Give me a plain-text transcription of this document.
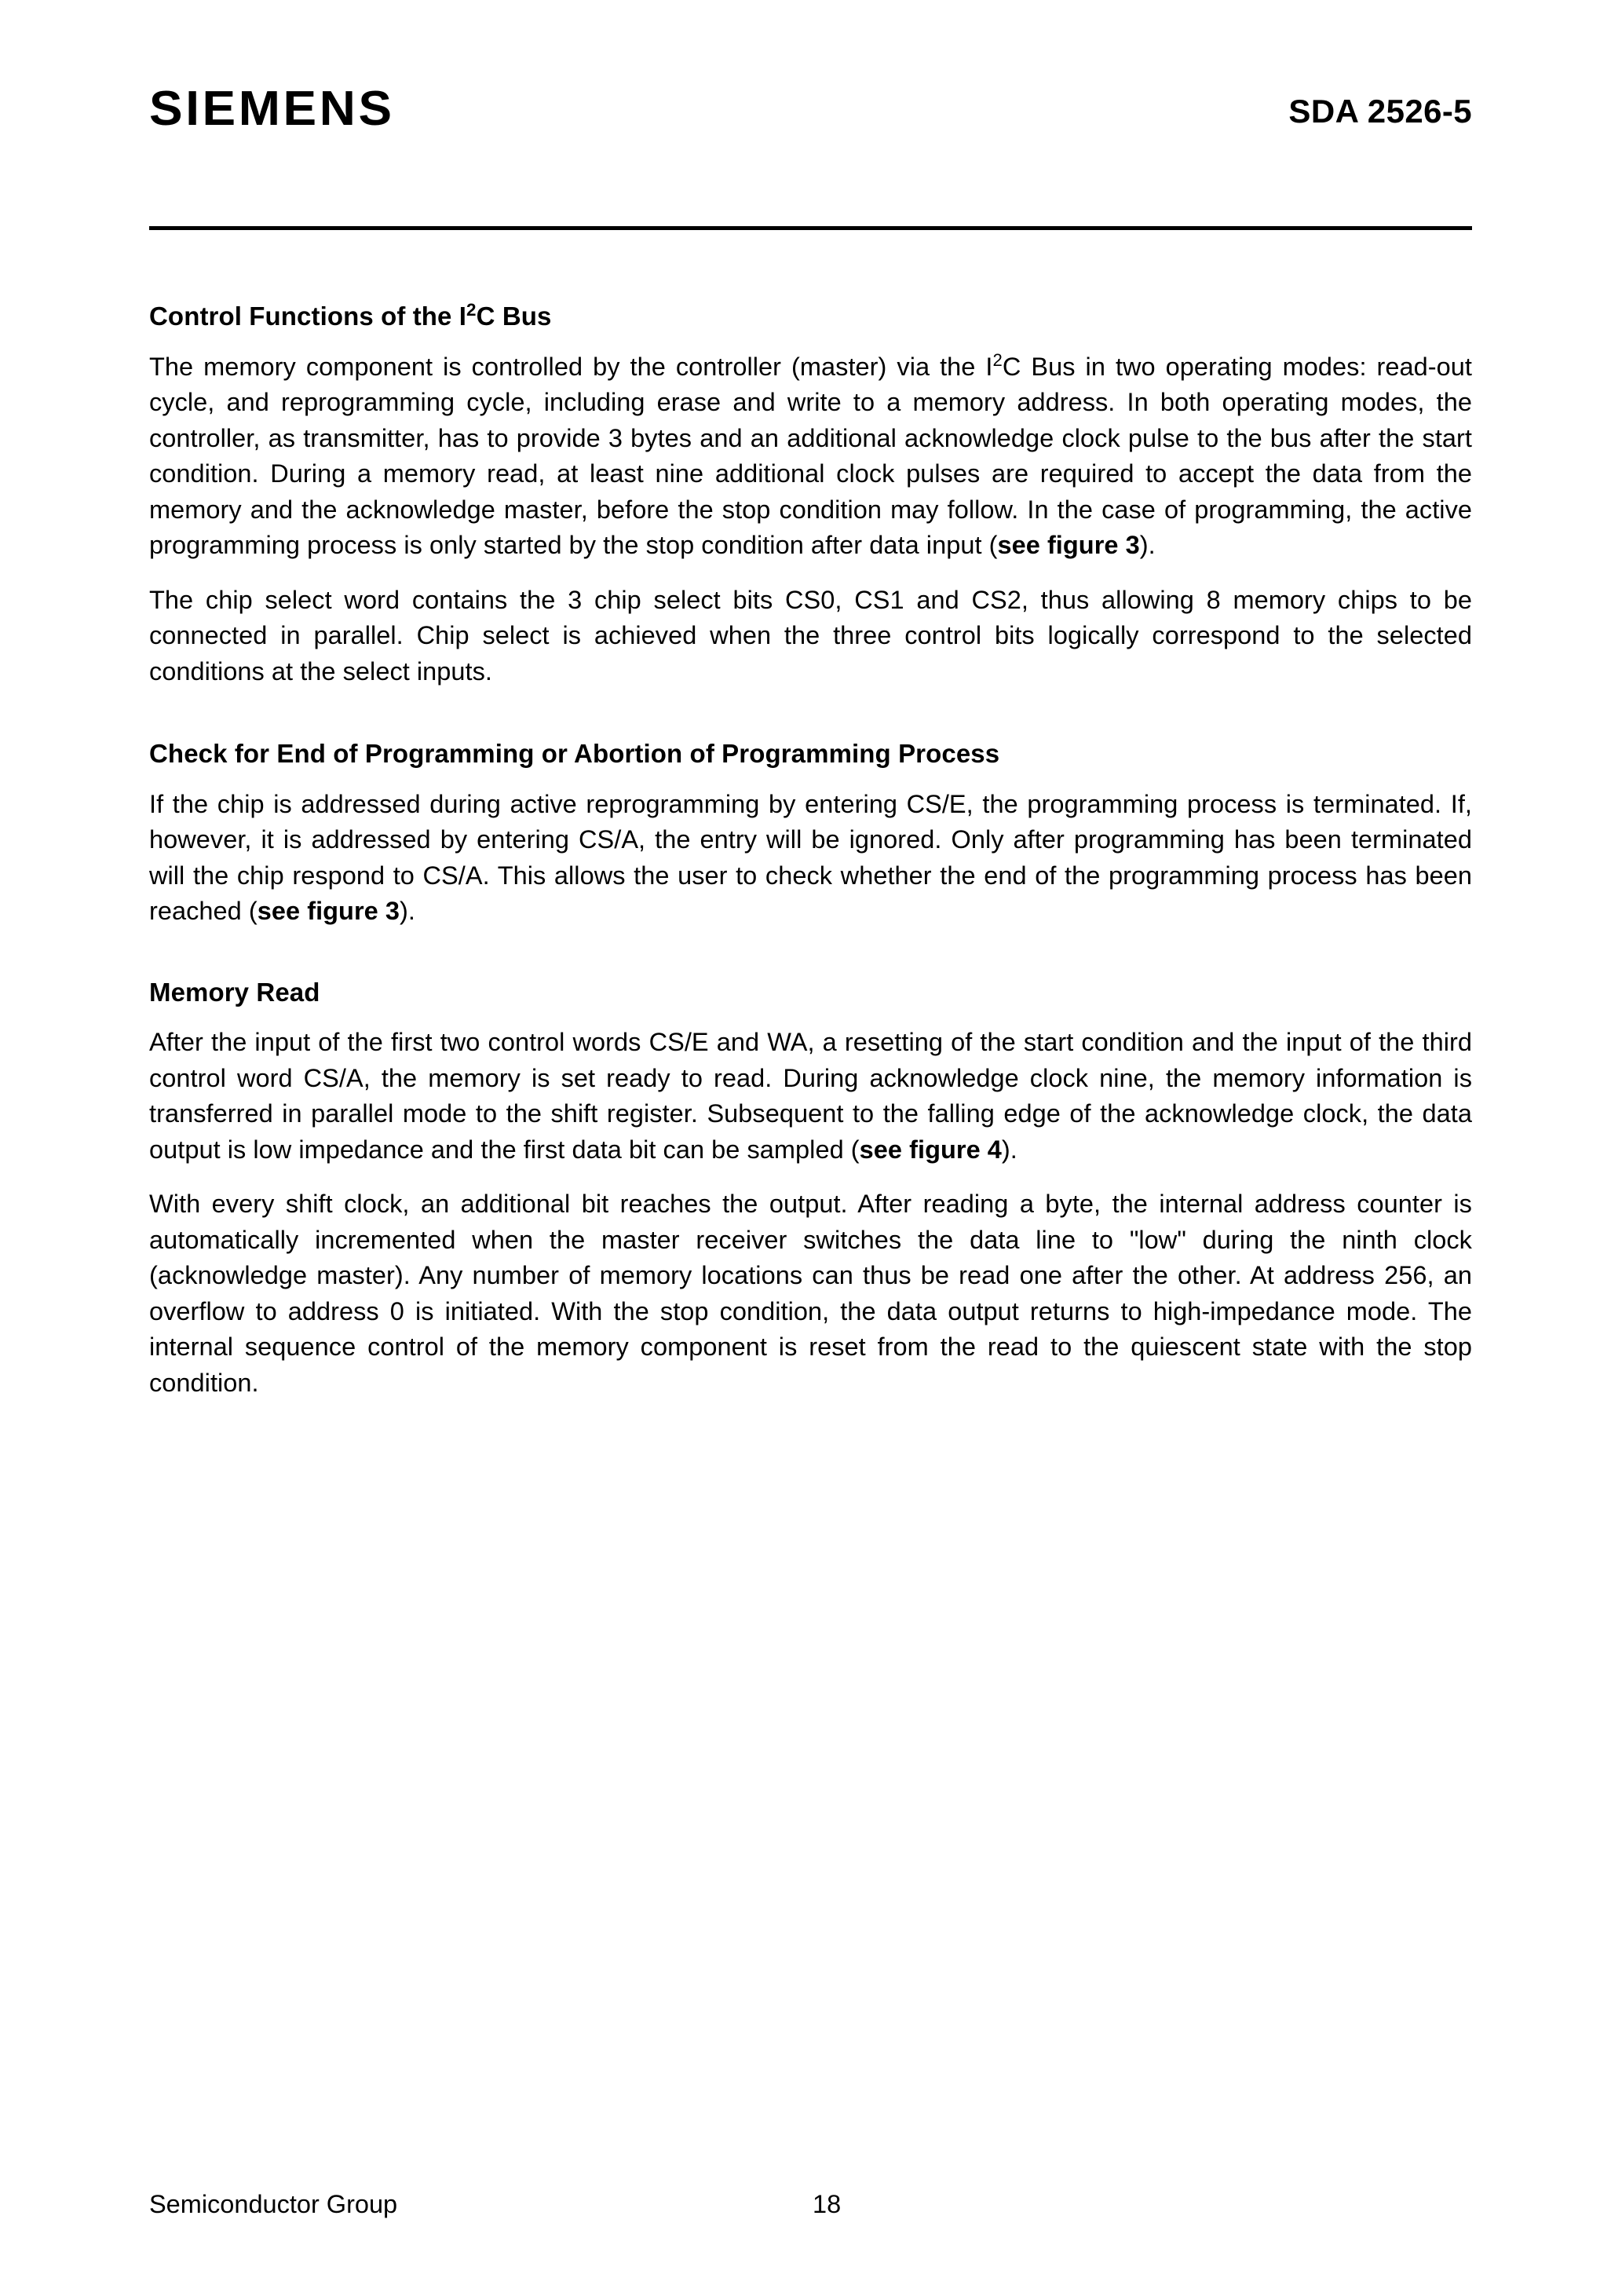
SIEMENS	SDA 2526-5
Control Functions of the $I^2C$ Bus

The memory component is controlled by the controller (master) via the $I^2C$ Bus in two operating modes: read-out cycle, and reprogramming cycle, including erase and write to a memory address. In both operating modes, the controller, as transmitter, has to provide 3 bytes and an additional acknowledge clock pulse to the bus after the start condition. During a memory read, at least nine additional clock pulses are required to accept the data from the memory and the acknowledge master, before the stop condition may follow. In the case of programming, the active programming process is only started by the stop condition after data input (see figure 3).

The chip select word contains the 3 chip select bits CS0, CS1 and CS2, thus allowing 8 memory chips to be connected in parallel. Chip select is achieved when the three control bits logically correspond to the selected conditions at the select inputs.

Check for End of Programming or Abortion of Programming Process

If the chip is addressed during active reprogramming by entering CS/E, the programming process is terminated. If, however, it is addressed by entering CS/A, the entry will be ignored. Only after programming has been terminated will the chip respond to CS/A. This allows the user to check whether the end of the programming process has been reached (see figure 3).

Memory Read

After the input of the first two control words CS/E and WA, a resetting of the start condition and the input of the third control word CS/A, the memory is set ready to read. During acknowledge clock nine, the memory information is transferred in parallel mode to the shift register. Subsequent to the falling edge of the acknowledge clock, the data output is low impedance and the first data bit can be sampled (see figure 4).

With every shift clock, an additional bit reaches the output. After reading a byte, the internal address counter is automatically incremented when the master receiver switches the data line to "low" during the ninth clock (acknowledge master). Any number of memory locations can thus be read one after the other. At address 256, an overflow to address 0 is initiated. With the stop condition, the data output returns to high-impedance mode. The internal sequence control of the memory component is reset from the read to the quiescent state with the stop condition.

Semiconductor Group	18
